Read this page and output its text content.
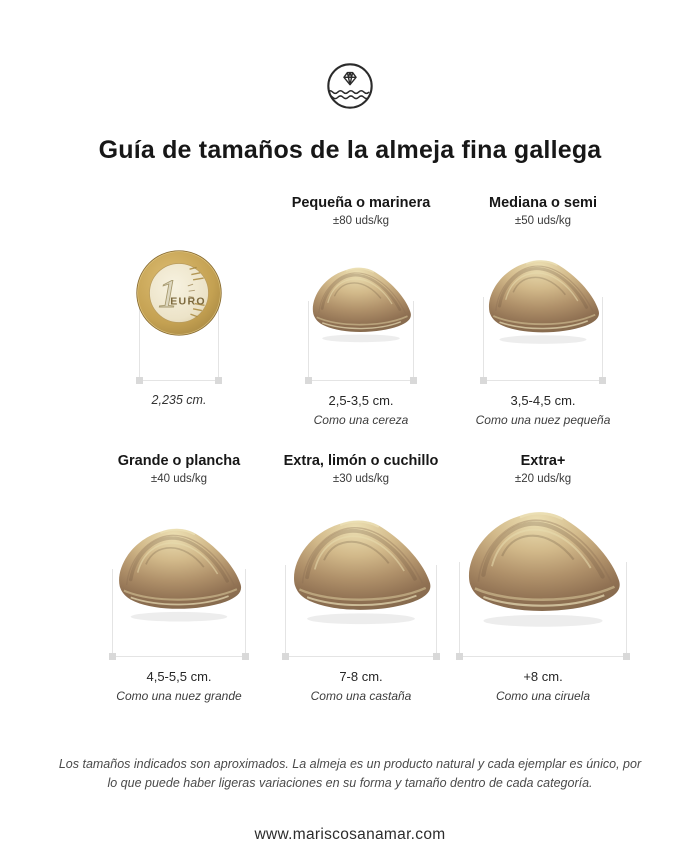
Guía de tamaños de la almeja fina gallega
1
EURO
2,235 cm.
Pequeña o marinera
±80 uds/kg
2,5-3,5 cm.
Como una cereza
Mediana o semi
±50 uds/kg
3,5-4,5 cm.
Como una nuez pequeña
Grande o plancha
±40 uds/kg
4,5-5,5 cm.
Como una nuez grande
Extra, limón o cuchillo
±30 uds/kg
7-8 cm.
Como una castaña
Extra+
±20 uds/kg
+8 cm.
Como una ciruela

Los tamaños indicados son aproximados. La almeja es un producto natural y cada ejemplar es único, por lo que puede haber ligeras variaciones en su forma y tamaño dentro de cada categoría.

www.mariscosanamar.com
